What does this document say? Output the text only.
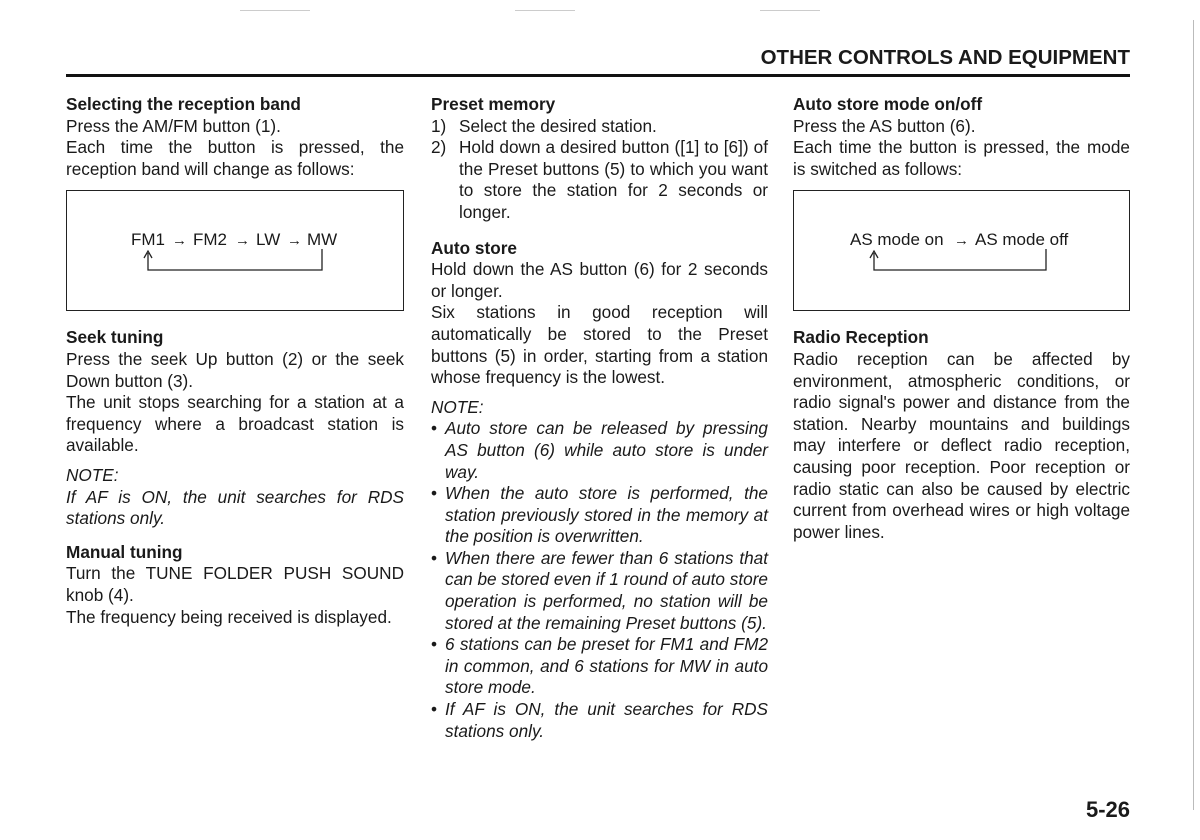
OTHER CONTROLS AND EQUIPMENT

Selecting the reception band

Press the AM/FM button (1).

Each time the button is pressed, the reception band will change as follows:

FM1 → FM2 → LW → MW

Seek tuning

Press the seek Up button (2) or the seek Down button (3).

The unit stops searching for a station at a frequency where a broadcast station is available.

NOTE:

If AF is ON, the unit searches for RDS stations only.

Manual tuning

Turn the TUNE FOLDER PUSH SOUND knob (4).

The frequency being received is displayed.

Preset memory

1) Select the desired station.
2) Hold down a desired button ([1] to [6]) of the Preset buttons (5) to which you want to store the station for 2 seconds or longer.

Auto store

Hold down the AS button (6) for 2 seconds or longer.

Six stations in good reception will automatically be stored to the Preset buttons (5) in order, starting from a station whose frequency is the lowest.

NOTE:

• Auto store can be released by pressing AS button (6) while auto store is under way.
• When the auto store is performed, the station previously stored in the memory at the position is overwritten.
• When there are fewer than 6 stations that can be stored even if 1 round of auto store operation is performed, no station will be stored at the remaining Preset buttons (5).
• 6 stations can be preset for FM1 and FM2 in common, and 6 stations for MW in auto store mode.
• If AF is ON, the unit searches for RDS stations only.

Auto store mode on/off

Press the AS button (6).

Each time the button is pressed, the mode is switched as follows:

AS mode on → AS mode off

Radio Reception

Radio reception can be affected by environment, atmospheric conditions, or radio signal's power and distance from the station. Nearby mountains and buildings may interfere or deflect radio reception, causing poor reception. Poor reception or radio static can also be caused by electric current from overhead wires or high voltage power lines.

5-26
